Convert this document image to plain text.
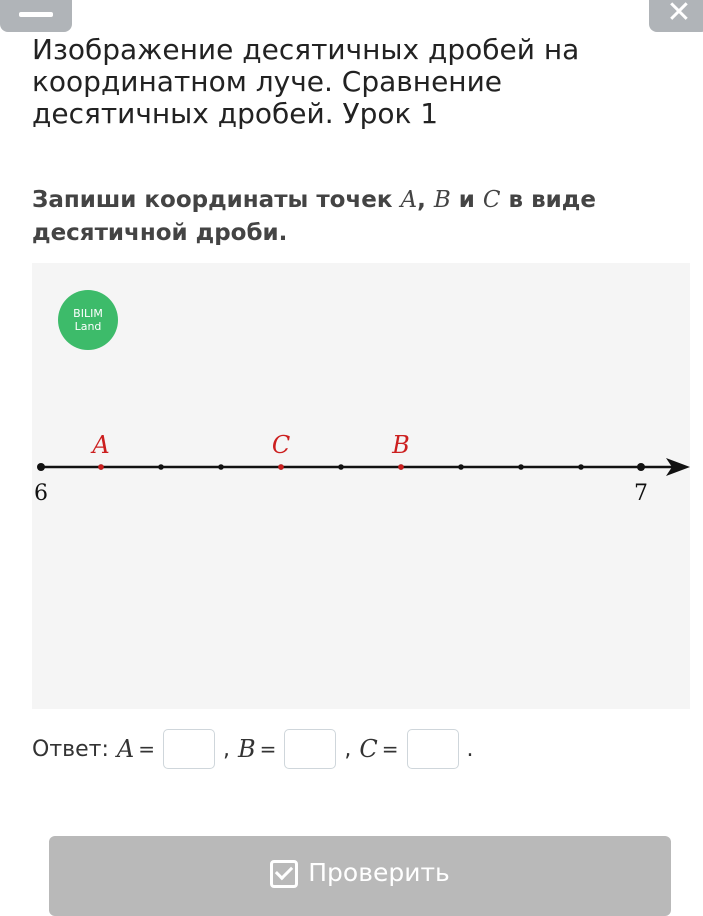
✕
Изображение десятичных дробей на координатном луче. Сравнение десятичных дробей. Урок 1

Запиши координаты точек A, B и C в виде десятичной дроби.

BILIM
Land
6	7
A	C	B
Ответ: A =	, B =	, C =	.
Проверить
